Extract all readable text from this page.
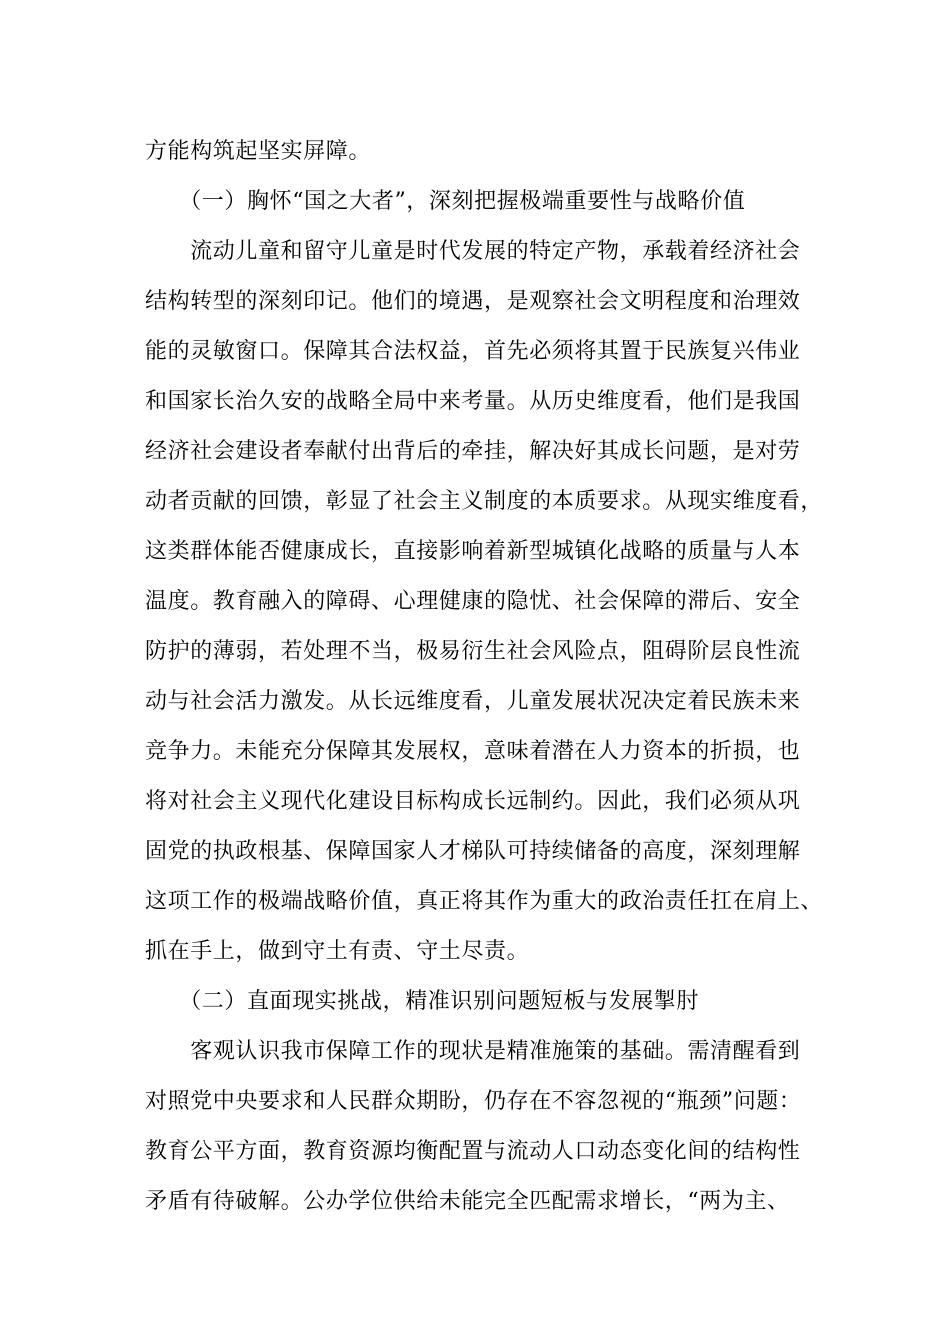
方能构筑起坚实屏障。
　　（一）胸怀“国之大者”，深刻把握极端重要性与战略价值
　　流动儿童和留守儿童是时代发展的特定产物，承载着经济社会
结构转型的深刻印记。他们的境遇，是观察社会文明程度和治理效
能的灵敏窗口。保障其合法权益，首先必须将其置于民族复兴伟业
和国家长治久安的战略全局中来考量。从历史维度看，他们是我国
经济社会建设者奉献付出背后的牵挂，解决好其成长问题，是对劳
动者贡献的回馈，彰显了社会主义制度的本质要求。从现实维度看，
这类群体能否健康成长，直接影响着新型城镇化战略的质量与人本
温度。教育融入的障碍、心理健康的隐忧、社会保障的滞后、安全
防护的薄弱，若处理不当，极易衍生社会风险点，阻碍阶层良性流
动与社会活力激发。从长远维度看，儿童发展状况决定着民族未来
竞争力。未能充分保障其发展权，意味着潜在人力资本的折损，也
将对社会主义现代化建设目标构成长远制约。因此，我们必须从巩
固党的执政根基、保障国家人才梯队可持续储备的高度，深刻理解
这项工作的极端战略价值，真正将其作为重大的政治责任扛在肩上、
抓在手上，做到守土有责、守土尽责。
　　（二）直面现实挑战，精准识别问题短板与发展掣肘
　　客观认识我市保障工作的现状是精准施策的基础。需清醒看到
对照党中央要求和人民群众期盼，仍存在不容忽视的“瓶颈”问题：
教育公平方面，教育资源均衡配置与流动人口动态变化间的结构性
矛盾有待破解。公办学位供给未能完全匹配需求增长，“两为主、
